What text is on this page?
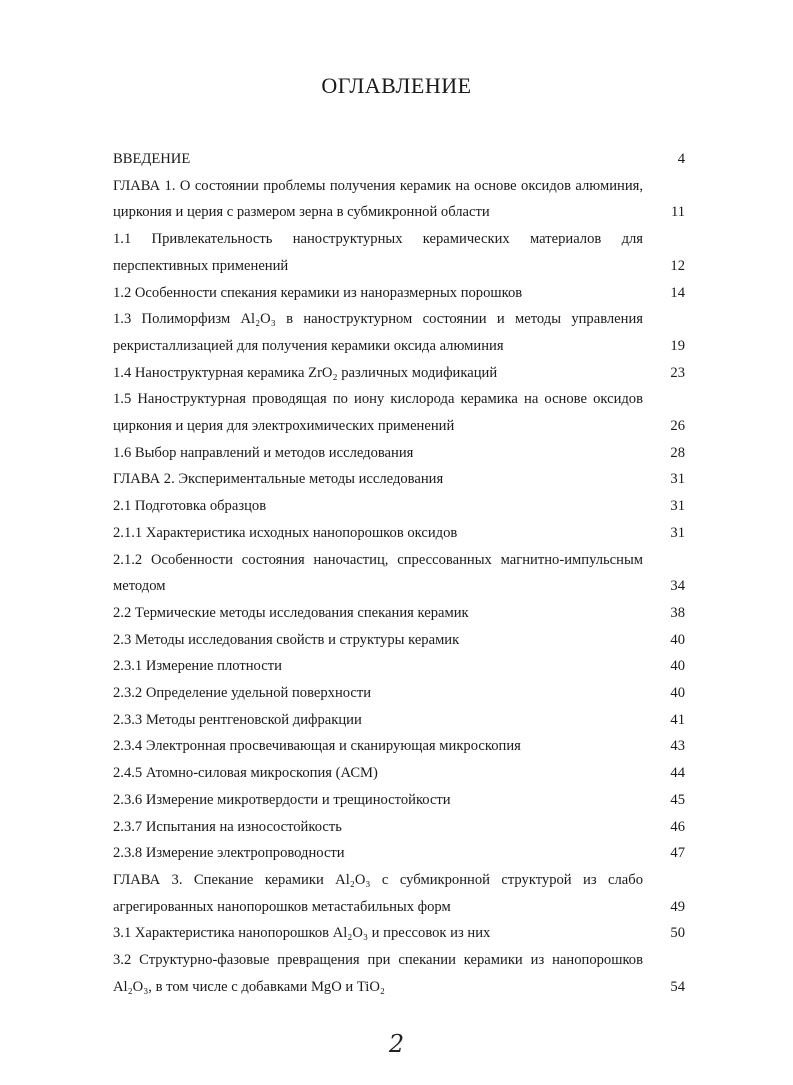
ОГЛАВЛЕНИЕ
ВВЕДЕНИЕ	4
ГЛАВА 1. О состоянии проблемы получения керамик на основе оксидов алюминия, циркония и церия с размером зерна в субмикронной области	11
1.1 Привлекательность наноструктурных керамических материалов для перспективных применений	12
1.2 Особенности спекания керамики из наноразмерных порошков	14
1.3 Полиморфизм Al₂O₃ в наноструктурном состоянии и методы управления рекристаллизацией для получения керамики оксида алюминия	19
1.4 Наноструктурная керамика ZrO₂ различных модификаций	23
1.5 Наноструктурная проводящая по иону кислорода керамика на основе оксидов циркония и церия для электрохимических применений	26
1.6 Выбор направлений и методов исследования	28
ГЛАВА 2. Экспериментальные методы исследования	31
2.1 Подготовка образцов	31
2.1.1 Характеристика исходных нанопорошков оксидов	31
2.1.2 Особенности состояния наночастиц, спрессованных магнитно-импульсным методом	34
2.2 Термические методы исследования спекания керамик	38
2.3 Методы исследования свойств и структуры керамик	40
2.3.1 Измерение плотности	40
2.3.2 Определение удельной поверхности	40
2.3.3 Методы рентгеновской дифракции	41
2.3.4 Электронная просвечивающая и сканирующая микроскопия	43
2.4.5 Атомно-силовая микроскопия (АСМ)	44
2.3.6 Измерение микротвердости и трещиностойкости	45
2.3.7 Испытания на износостойкость	46
2.3.8 Измерение электропроводности	47
ГЛАВА 3. Спекание керамики Al₂O₃ с субмикронной структурой из слабо агрегированных нанопорошков метастабильных форм	49
3.1 Характеристика нанопорошков Al₂O₃ и прессовок из них	50
3.2 Структурно-фазовые превращения при спекании керамики из нанопорошков Al₂O₃, в том числе с добавками MgO и TiO₂	54
2
